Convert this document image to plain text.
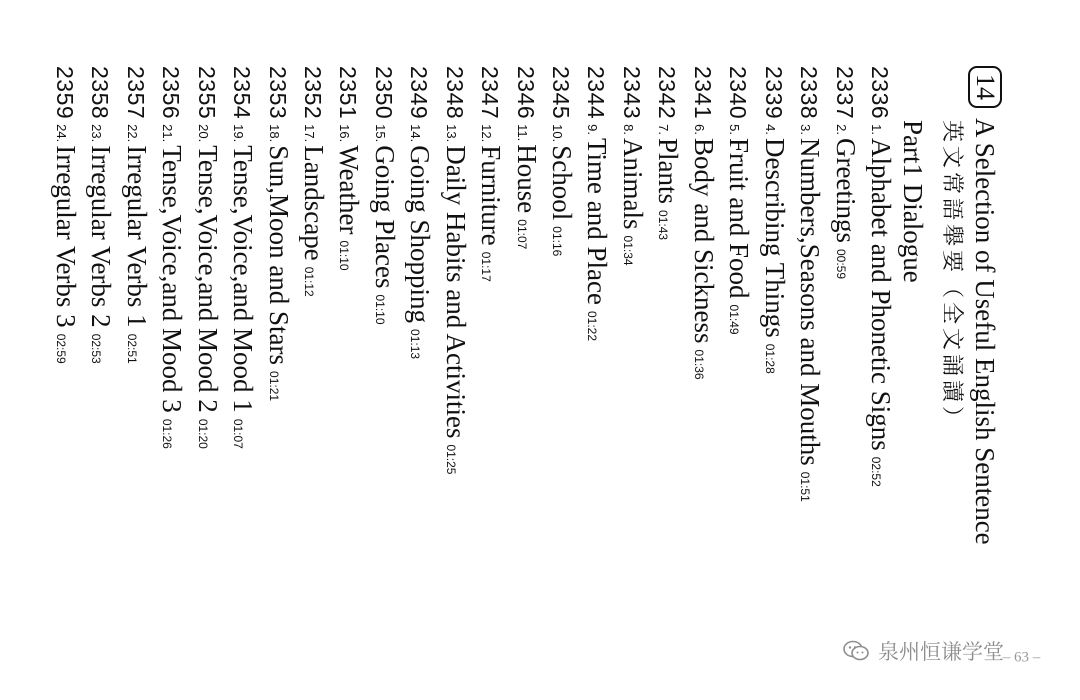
14
A Selection of Useful English Sentence
英文常語舉要（全文誦讀）
Part1 Dialogue
2336
1.
Alphabet and Phonetic Signs
02:52
2337
2.
Greetings
00:59
2338
3.
Numbers,Seasons and Mouths
01:51
2339
4.
Describing Things
01:28
2340
5.
Fruit and Food
01:49
2341
6.
Body and Sickness
01:36
2342
7.
Plants
01:43
2343
8.
Animals
01:34
2344
9.
Time and Place
01:22
2345
10.
School
01:16
2346
11.
House
01:07
2347
12.
Furniture
01:17
2348
13.
Daily Habits and Activities
01:25
2349
14.
Going Shopping
01:13
2350
15.
Going Places
01:10
2351
16.
Weather
01:10
2352
17.
Landscape
01:12
2353
18.
Sun,Moon and Stars
01:21
2354
19.
Tense,Voice,and Mood 1
01:07
2355
20.
Tense,Voice,and Mood 2
01:20
2356
21.
Tense,Voice,and Mood 3
01:26
2357
22.
Irregular Verbs 1
02:51
2358
23.
Irregular Verbs 2
02:53
2359
24.
Irregular Verbs 3
02:59
– 63 –
泉州恒谦学堂
